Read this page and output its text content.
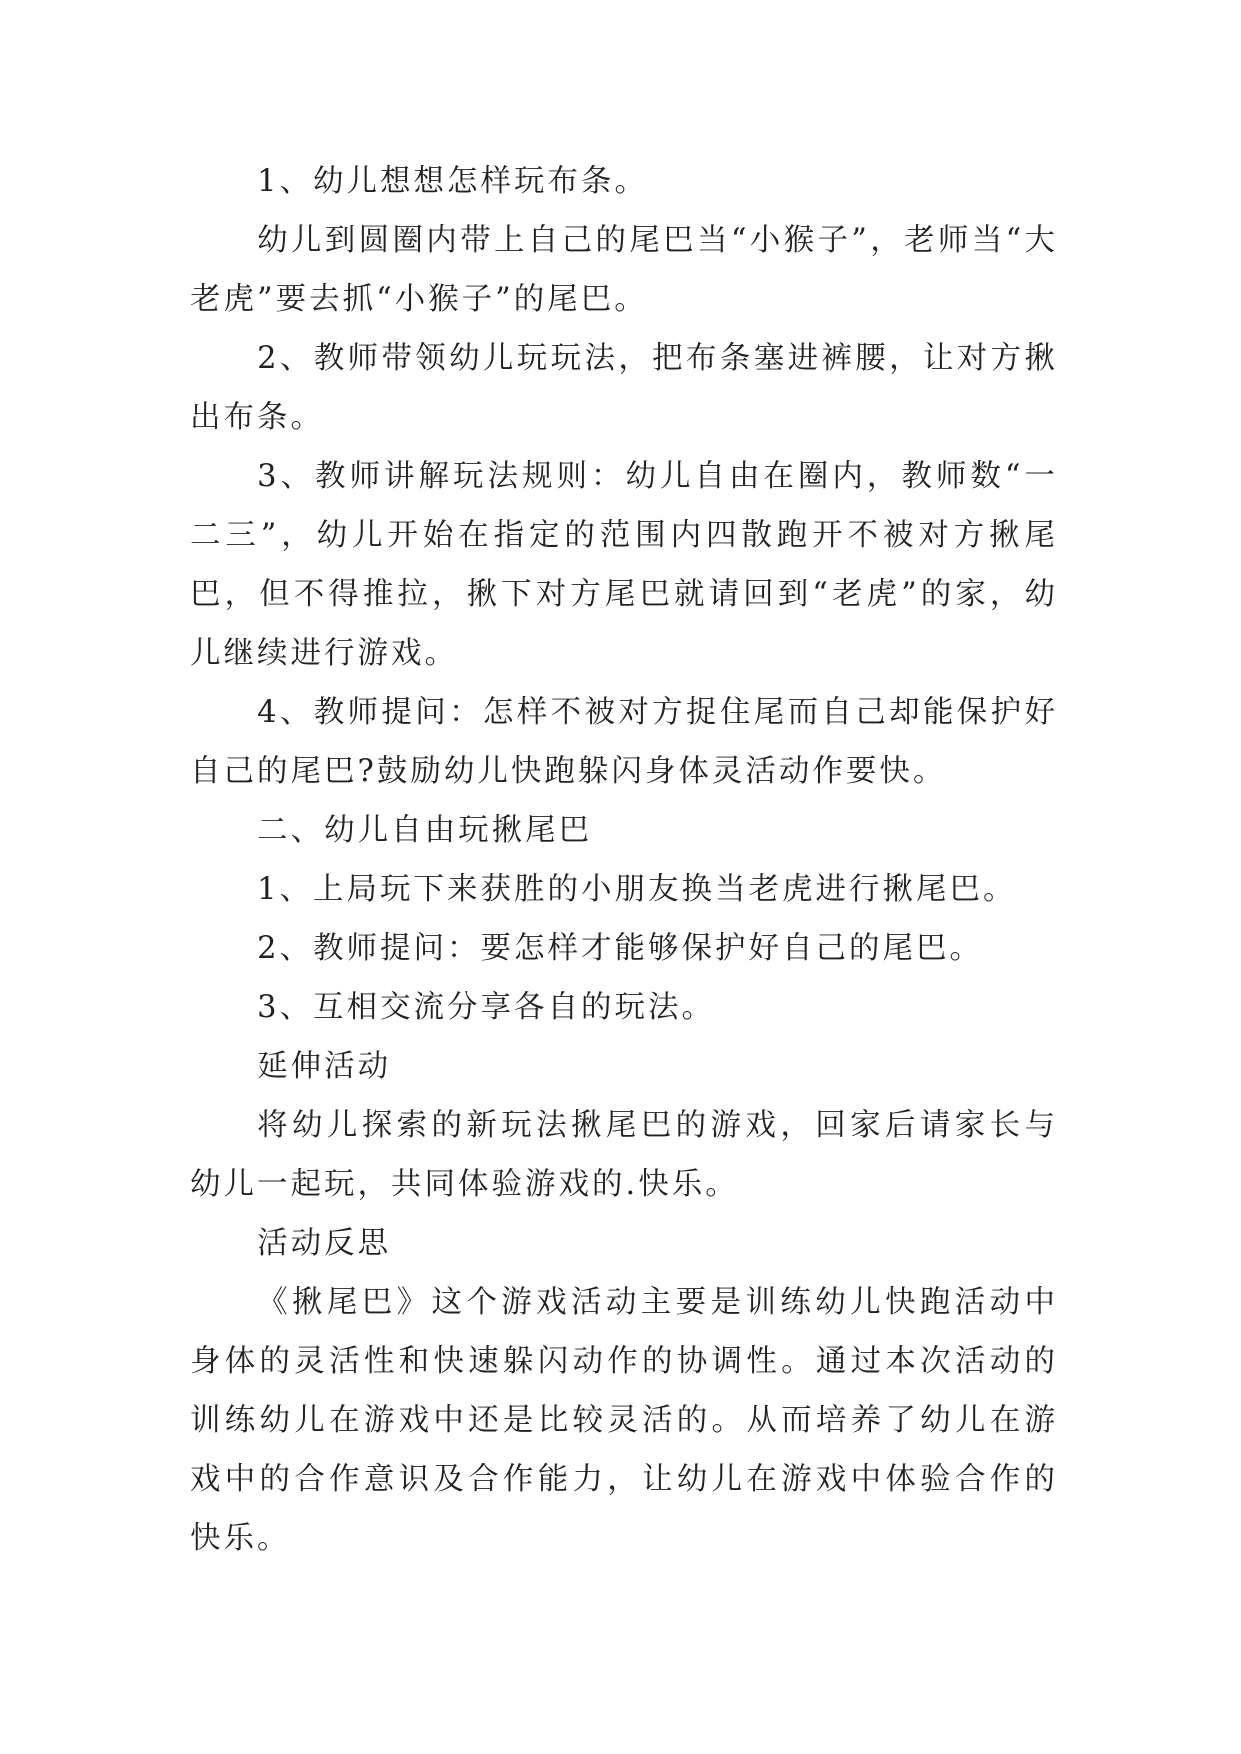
1、幼儿想想怎样玩布条。

幼儿到圆圈内带上自己的尾巴当“小猴子”，老师当“大老虎”要去抓“小猴子”的尾巴。

2、教师带领幼儿玩玩法，把布条塞进裤腰，让对方揪出布条。

3、教师讲解玩法规则：幼儿自由在圈内，教师数“一二三”，幼儿开始在指定的范围内四散跑开不被对方揪尾巴，但不得推拉，揪下对方尾巴就请回到“老虎”的家，幼儿继续进行游戏。

4、教师提问：怎样不被对方捉住尾而自己却能保护好自己的尾巴?鼓励幼儿快跑躲闪身体灵活动作要快。

二、幼儿自由玩揪尾巴

1、上局玩下来获胜的小朋友换当老虎进行揪尾巴。

2、教师提问：要怎样才能够保护好自己的尾巴。

3、互相交流分享各自的玩法。

延伸活动

将幼儿探索的新玩法揪尾巴的游戏，回家后请家长与幼儿一起玩，共同体验游戏的.快乐。

活动反思

《揪尾巴》这个游戏活动主要是训练幼儿快跑活动中身体的灵活性和快速躲闪动作的协调性。通过本次活动的训练幼儿在游戏中还是比较灵活的。从而培养了幼儿在游戏中的合作意识及合作能力，让幼儿在游戏中体验合作的快乐。
